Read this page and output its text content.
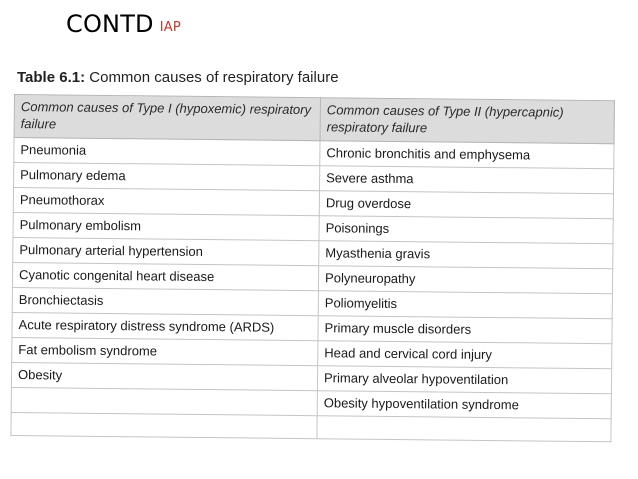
CONTD IAP
Table 6.1: Common causes of respiratory failure
Common causes of Type I (hypoxemic) respiratory failure	Common causes of Type II (hypercapnic) respiratory failure
Pneumonia	Chronic bronchitis and emphysema
Pulmonary edema	Severe asthma
Pneumothorax	Drug overdose
Pulmonary embolism	Poisonings
Pulmonary arterial hypertension	Myasthenia gravis
Cyanotic congenital heart disease	Polyneuropathy
Bronchiectasis	Poliomyelitis
Acute respiratory distress syndrome (ARDS)	Primary muscle disorders
Fat embolism syndrome	Head and cervical cord injury
Obesity	Primary alveolar hypoventilation
	Obesity hypoventilation syndrome
